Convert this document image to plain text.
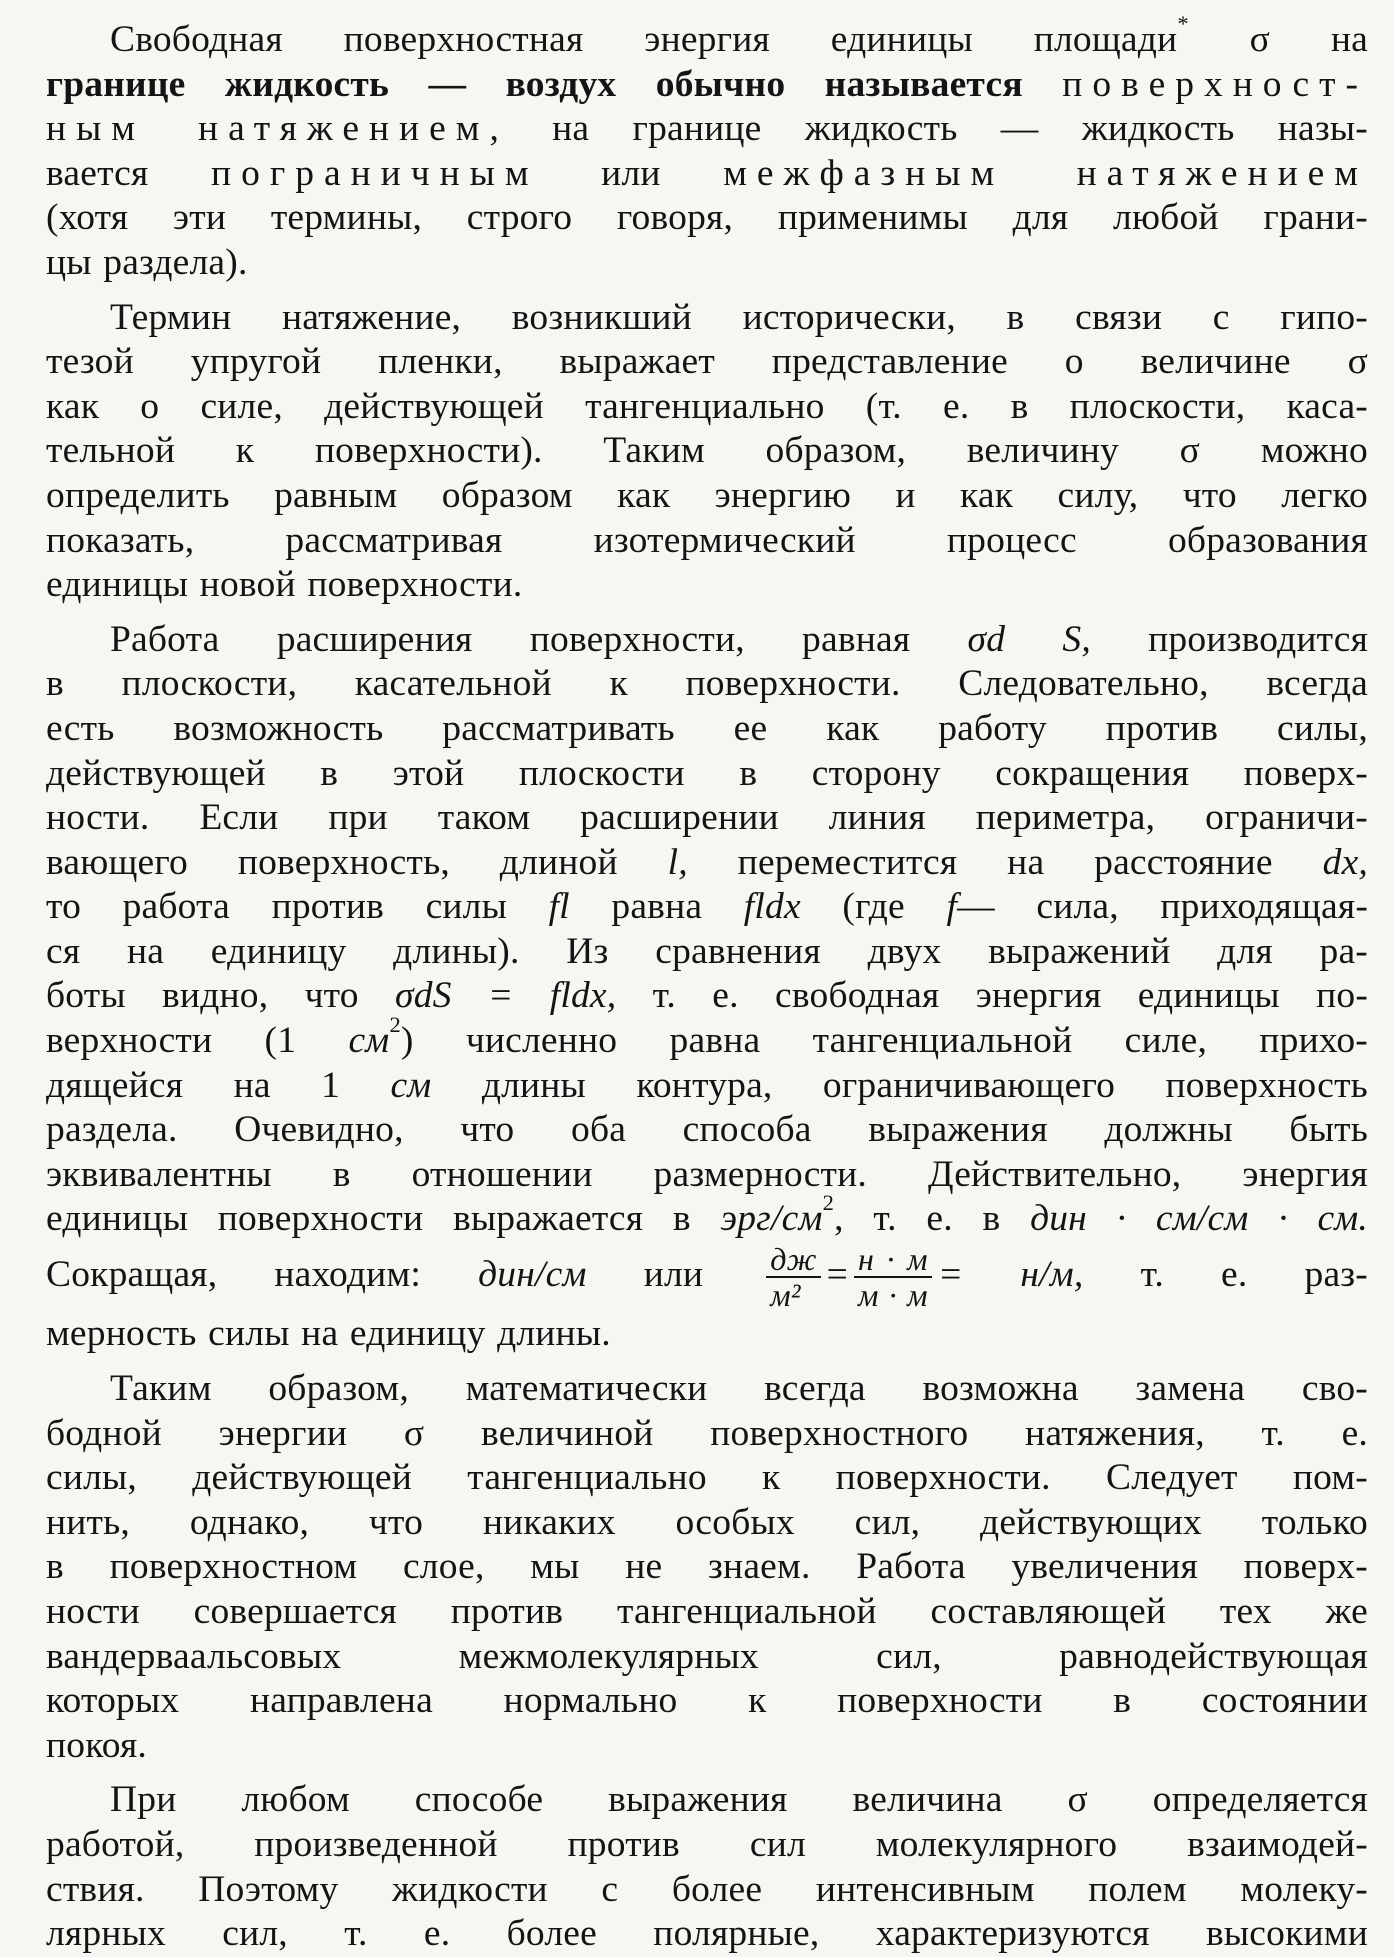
Свободная поверхностная энергия единицы площади* σ на

границе жидкость — воздух обычно называется поверхност-

ным натяжением, на границе жидкость — жидкость назы-

вается пограничным или межфазным натяжением

(хотя эти термины, строго говоря, применимы для любой грани-

цы раздела).

Термин натяжение, возникший исторически, в связи с гипо-

тезой упругой пленки, выражает представление о величине σ

как о силе, действующей тангенциально (т. е. в плоскости, каса-

тельной к поверхности). Таким образом, величину σ можно

определить равным образом как энергию и как силу, что легко

показать, рассматривая изотермический процесс образования

единицы новой поверхности.

Работа расширения поверхности, равная σd S, производится

в плоскости, касательной к поверхности. Следовательно, всегда

есть возможность рассматривать ее как работу против силы,

действующей в этой плоскости в сторону сокращения поверх-

ности. Если при таком расширении линия периметра, ограничи-

вающего поверхность, длиной l, переместится на расстояние dx,

то работа против силы fl равна fldx (где f— сила, приходящая-

ся на единицу длины). Из сравнения двух выражений для ра-

боты видно, что σdS = fldx, т. е. свободная энергия единицы по-

верхности (1 $см^2$) численно равна тангенциальной силе, прихо-

дящейся на 1 см длины контура, ограничивающего поверхность

раздела. Очевидно, что оба способа выражения должны быть

эквивалентны в отношении размерности. Действительно, энергия

единицы поверхности выражается в эрг/$см^2$, т. е. в дин · см/см · см.

Сокращая, находим: дин/см или $\frac{дж}{\text{м²}} = \frac{н \cdot м}{м \cdot м} = н/м$, т. е. раз-

мерность силы на единицу длины.

Таким образом, математически всегда возможна замена сво-

бодной энергии σ величиной поверхностного натяжения, т. е.

силы, действующей тангенциально к поверхности. Следует пом-

нить, однако, что никаких особых сил, действующих только

в поверхностном слое, мы не знаем. Работа увеличения поверх-

ности совершается против тангенциальной составляющей тех же

вандерваальсовых межмолекулярных сил, равнодействующая

которых направлена нормально к поверхности в состоянии

покоя.

При любом способе выражения величина σ определяется

работой, произведенной против сил молекулярного взаимодей-

ствия. Поэтому жидкости с более интенсивным полем молеку-

лярных сил, т. е. более полярные, характеризуются высокими
